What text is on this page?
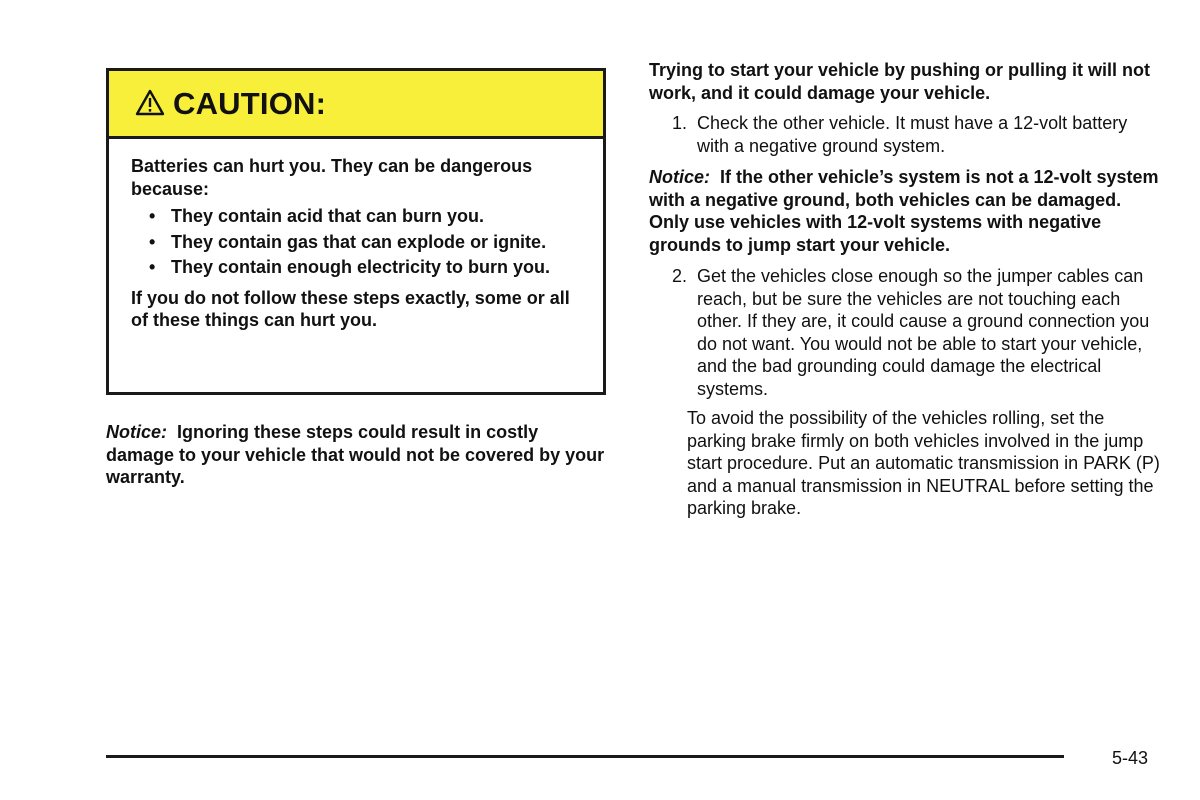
CAUTION:

Batteries can hurt you. They can be dangerous because:

• They contain acid that can burn you.
• They contain gas that can explode or ignite.
• They contain enough electricity to burn you.

If you do not follow these steps exactly, some or all of these things can hurt you.

Notice: Ignoring these steps could result in costly damage to your vehicle that would not be covered by your warranty.

Trying to start your vehicle by pushing or pulling it will not work, and it could damage your vehicle.

1. Check the other vehicle. It must have a 12-volt battery with a negative ground system.

Notice: If the other vehicle’s system is not a 12-volt system with a negative ground, both vehicles can be damaged. Only use vehicles with 12-volt systems with negative grounds to jump start your vehicle.

2. Get the vehicles close enough so the jumper cables can reach, but be sure the vehicles are not touching each other. If they are, it could cause a ground connection you do not want. You would not be able to start your vehicle, and the bad grounding could damage the electrical systems.

To avoid the possibility of the vehicles rolling, set the parking brake firmly on both vehicles involved in the jump start procedure. Put an automatic transmission in PARK (P) and a manual transmission in NEUTRAL before setting the parking brake.

5-43
